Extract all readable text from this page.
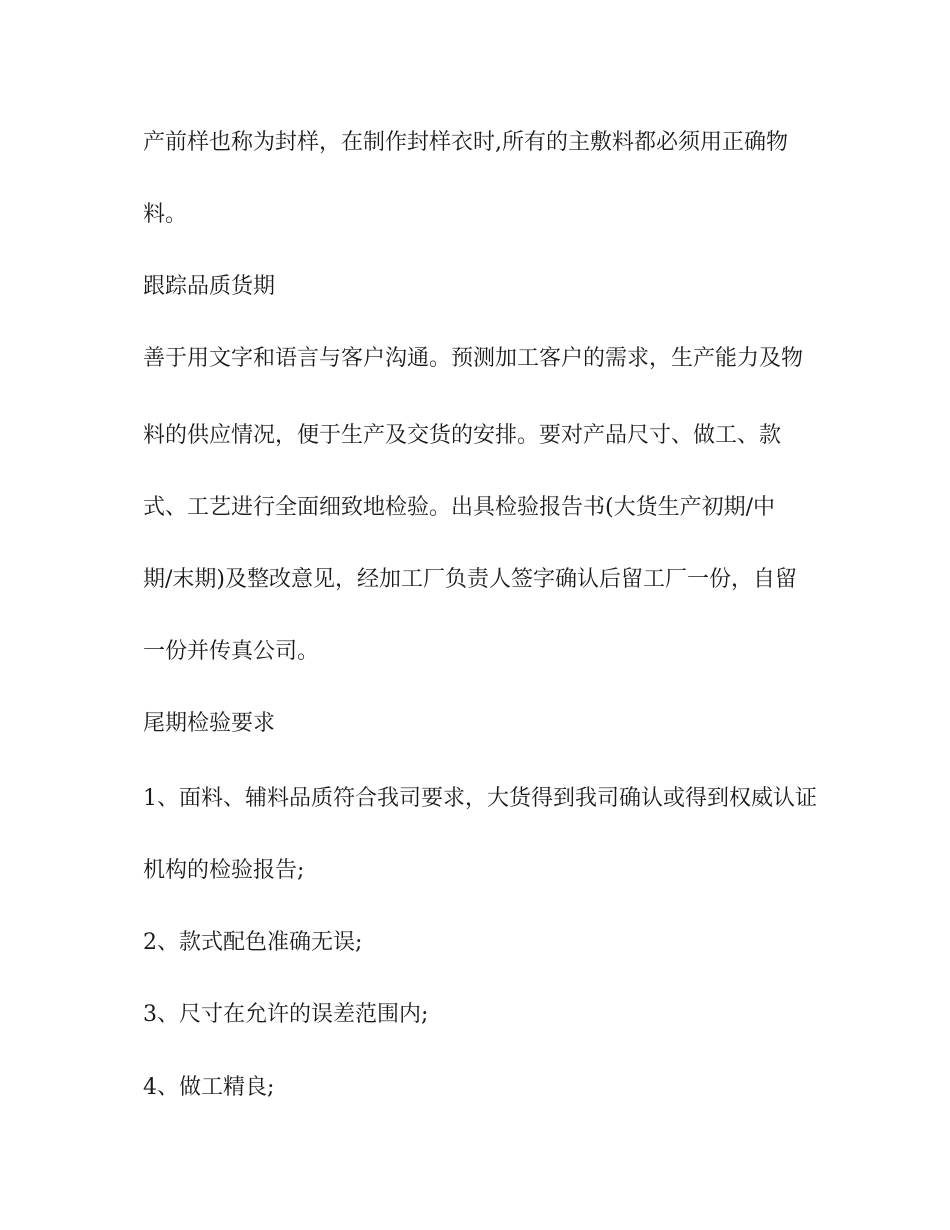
产前样也称为封样，在制作封样衣时,所有的主敷料都必须用正确物

料。

跟踪品质货期

善于用文字和语言与客户沟通。预测加工客户的需求，生产能力及物

料的供应情况，便于生产及交货的安排。要对产品尺寸、做工、款

式、工艺进行全面细致地检验。出具检验报告书(大货生产初期/中

期/末期)及整改意见，经加工厂负责人签字确认后留工厂一份，自留

一份并传真公司。

尾期检验要求

1、面料、辅料品质符合我司要求，大货得到我司确认或得到权威认证

机构的检验报告;

2、款式配色准确无误;

3、尺寸在允许的误差范围内;

4、做工精良;
